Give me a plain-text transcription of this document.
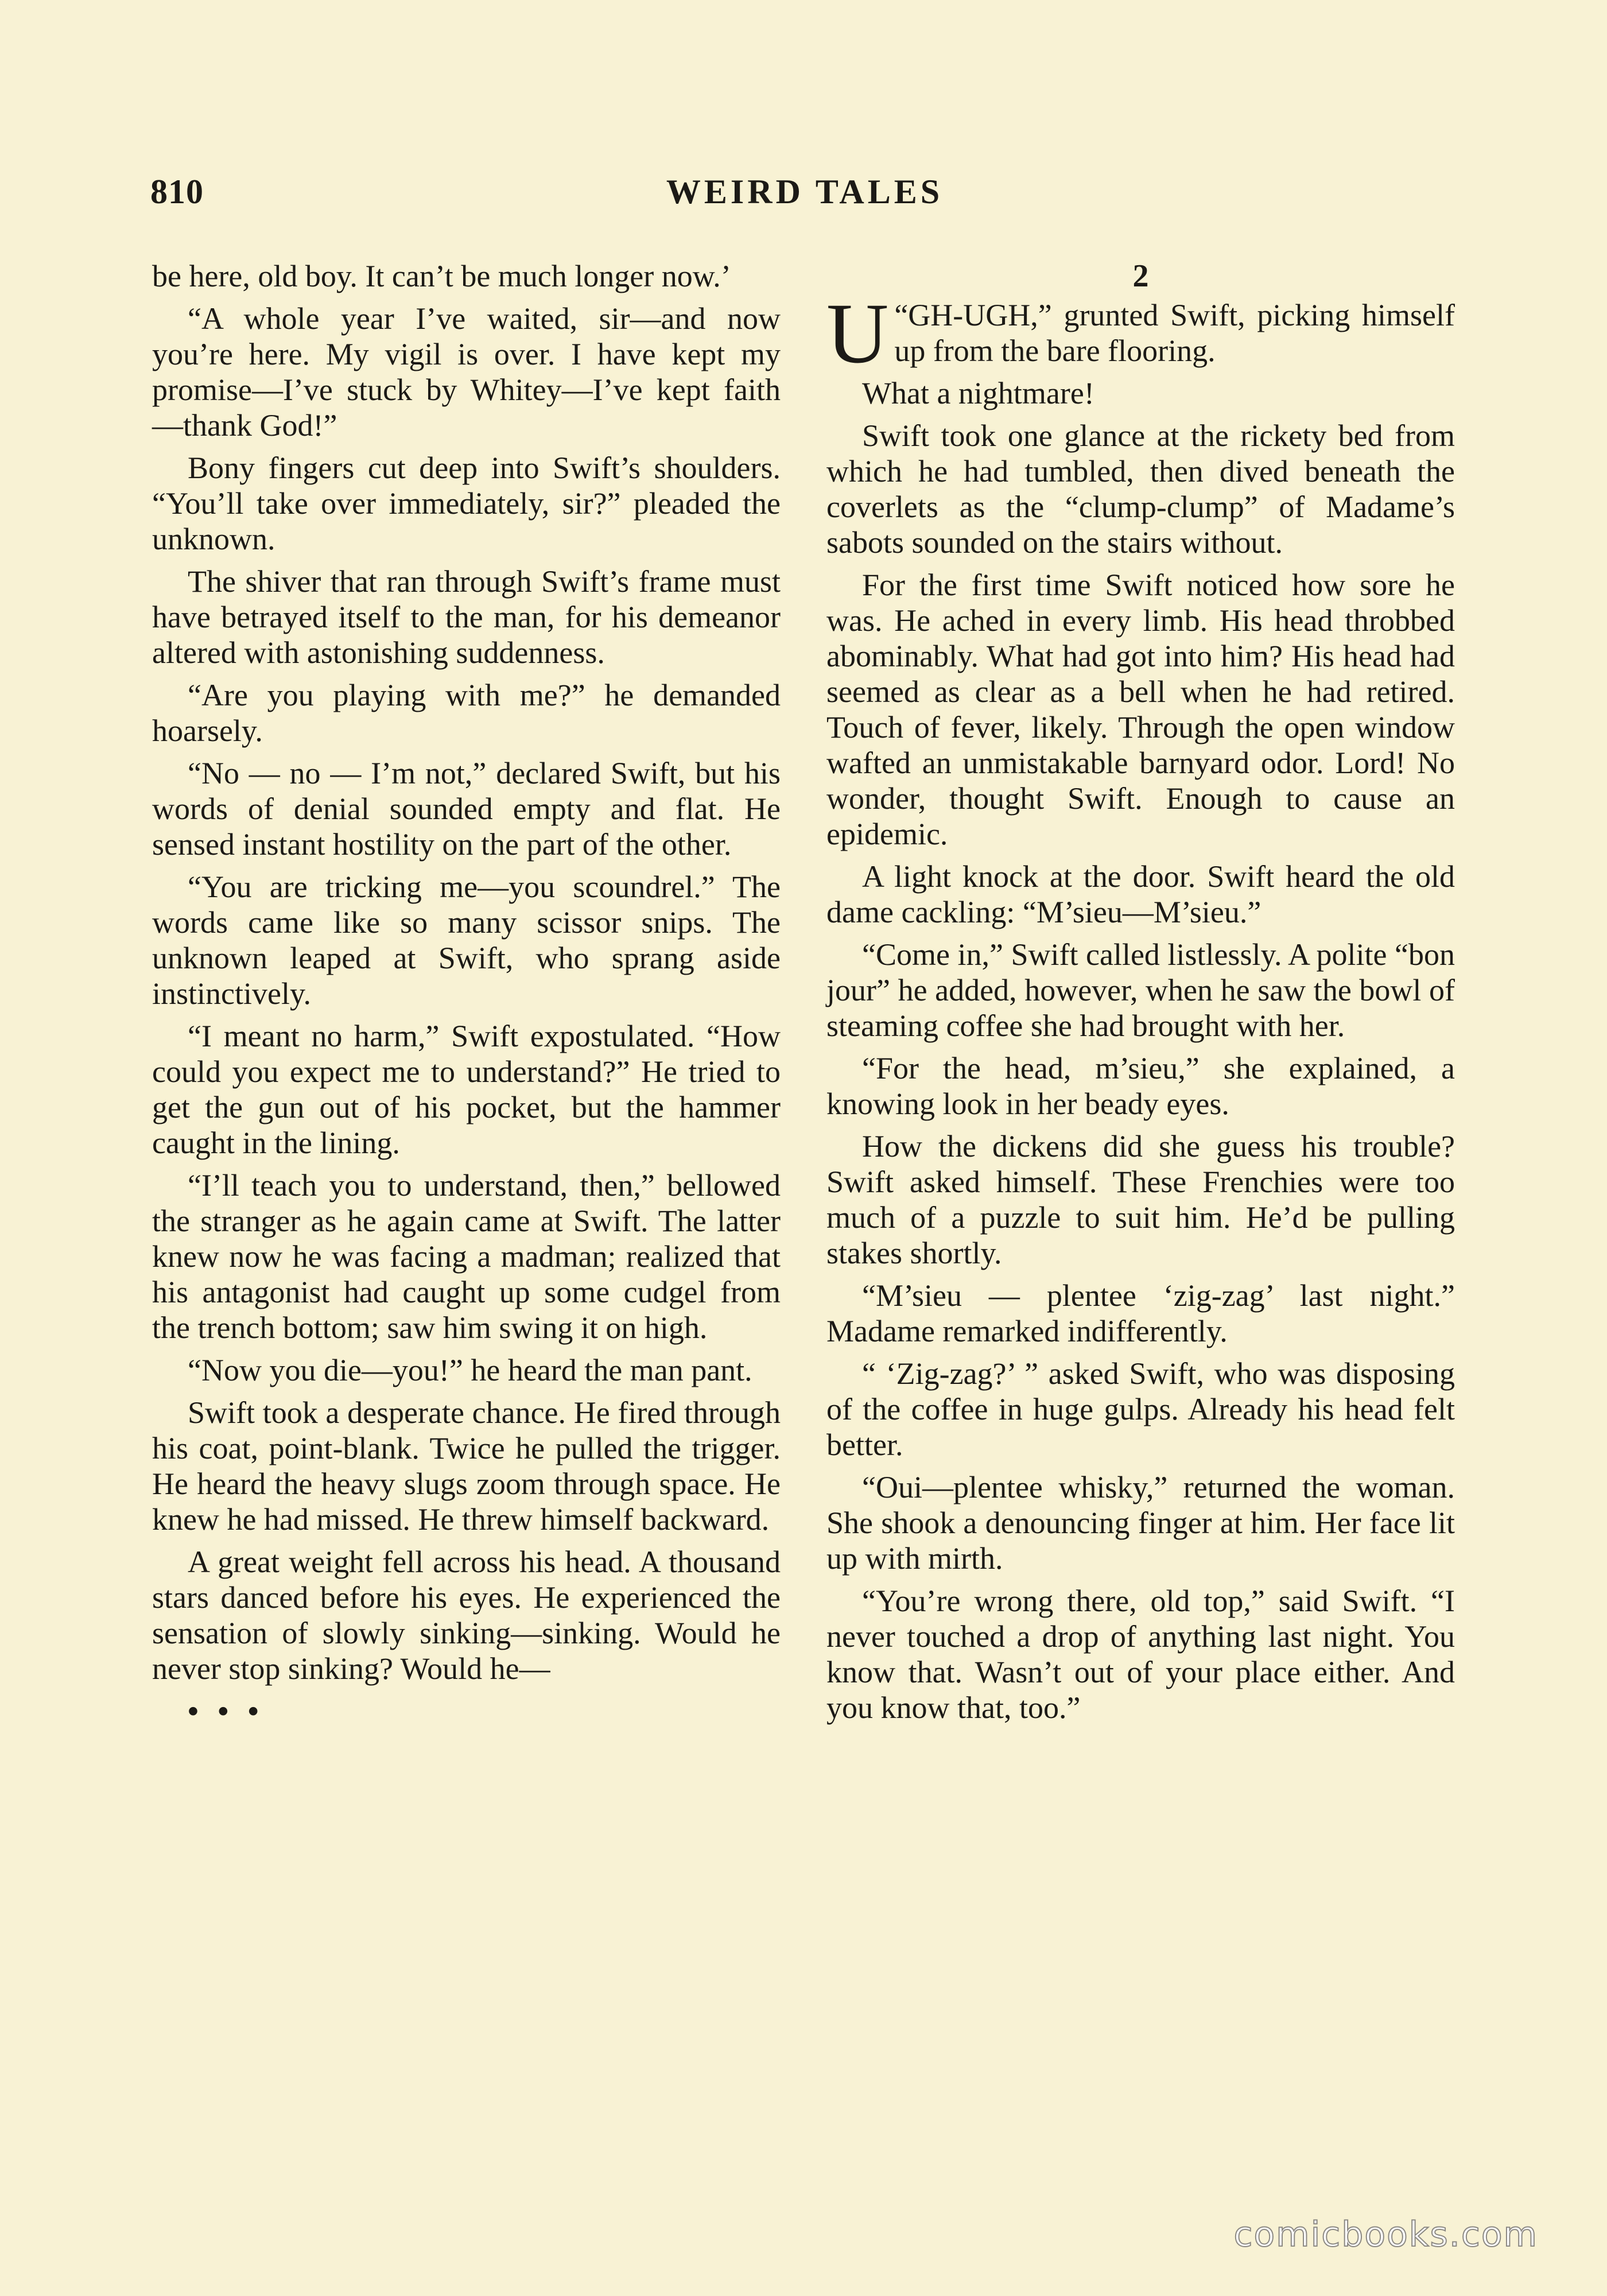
810	WEIRD TALES

be here, old boy. It can’t be much longer now.’

“A whole year I’ve waited, sir—and now you’re here. My vigil is over. I have kept my promise—I’ve stuck by Whitey—I’ve kept faith—thank God!”

Bony fingers cut deep into Swift’s shoulders. “You’ll take over immediately, sir?” pleaded the unknown.

The shiver that ran through Swift’s frame must have betrayed itself to the man, for his demeanor altered with astonishing suddenness.

“Are you playing with me?” he demanded hoarsely.

“No — no — I’m not,” declared Swift, but his words of denial sounded empty and flat. He sensed instant hostility on the part of the other.

“You are tricking me—you scoundrel.” The words came like so many scissor snips. The unknown leaped at Swift, who sprang aside instinctively.

“I meant no harm,” Swift expostulated. “How could you expect me to understand?” He tried to get the gun out of his pocket, but the hammer caught in the lining.

“I’ll teach you to understand, then,” bellowed the stranger as he again came at Swift. The latter knew now he was facing a madman; realized that his antagonist had caught up some cudgel from the trench bottom; saw him swing it on high.

“Now you die—you!” he heard the man pant.

Swift took a desperate chance. He fired through his coat, point-blank. Twice he pulled the trigger. He heard the heavy slugs zoom through space. He knew he had missed. He threw himself backward.

A great weight fell across his head. A thousand stars danced before his eyes. He experienced the sensation of slowly sinking—sinking. Would he never stop sinking? Would he—

• • •

2

U “GH-UGH,” grunted Swift, picking himself up from the bare flooring.

What a nightmare!

Swift took one glance at the rickety bed from which he had tumbled, then dived beneath the coverlets as the “clump-clump” of Madame’s sabots sounded on the stairs without.

For the first time Swift noticed how sore he was. He ached in every limb. His head throbbed abominably. What had got into him? His head had seemed as clear as a bell when he had retired. Touch of fever, likely. Through the open window wafted an unmistakable barnyard odor. Lord! No wonder, thought Swift. Enough to cause an epidemic.

A light knock at the door. Swift heard the old dame cackling: “M’sieu—M’sieu.”

“Come in,” Swift called listlessly. A polite “bon jour” he added, however, when he saw the bowl of steaming coffee she had brought with her.

“For the head, m’sieu,” she explained, a knowing look in her beady eyes.

How the dickens did she guess his trouble? Swift asked himself. These Frenchies were too much of a puzzle to suit him. He’d be pulling stakes shortly.

“M’sieu — plentee ‘zig-zag’ last night.” Madame remarked indifferently.

“ ‘Zig-zag?’ ” asked Swift, who was disposing of the coffee in huge gulps. Already his head felt better.

“Oui—plentee whisky,” returned the woman. She shook a denouncing finger at him. Her face lit up with mirth.

“You’re wrong there, old top,” said Swift. “I never touched a drop of anything last night. You know that. Wasn’t out of your place either. And you know that, too.”

comicbooks.com
